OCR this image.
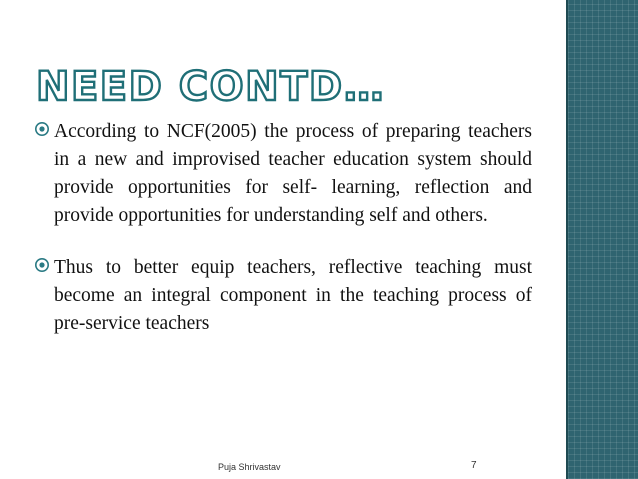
NEED CONTD…

According to NCF(2005) the process of preparing teachers in a new and improvised teacher education system should provide opportunities for self- learning, reflection and provide opportunities for understanding self and others.

Thus to better equip teachers, reflective teaching must become an integral component in the teaching process of pre-service teachers

Puja Shrivastav	7
